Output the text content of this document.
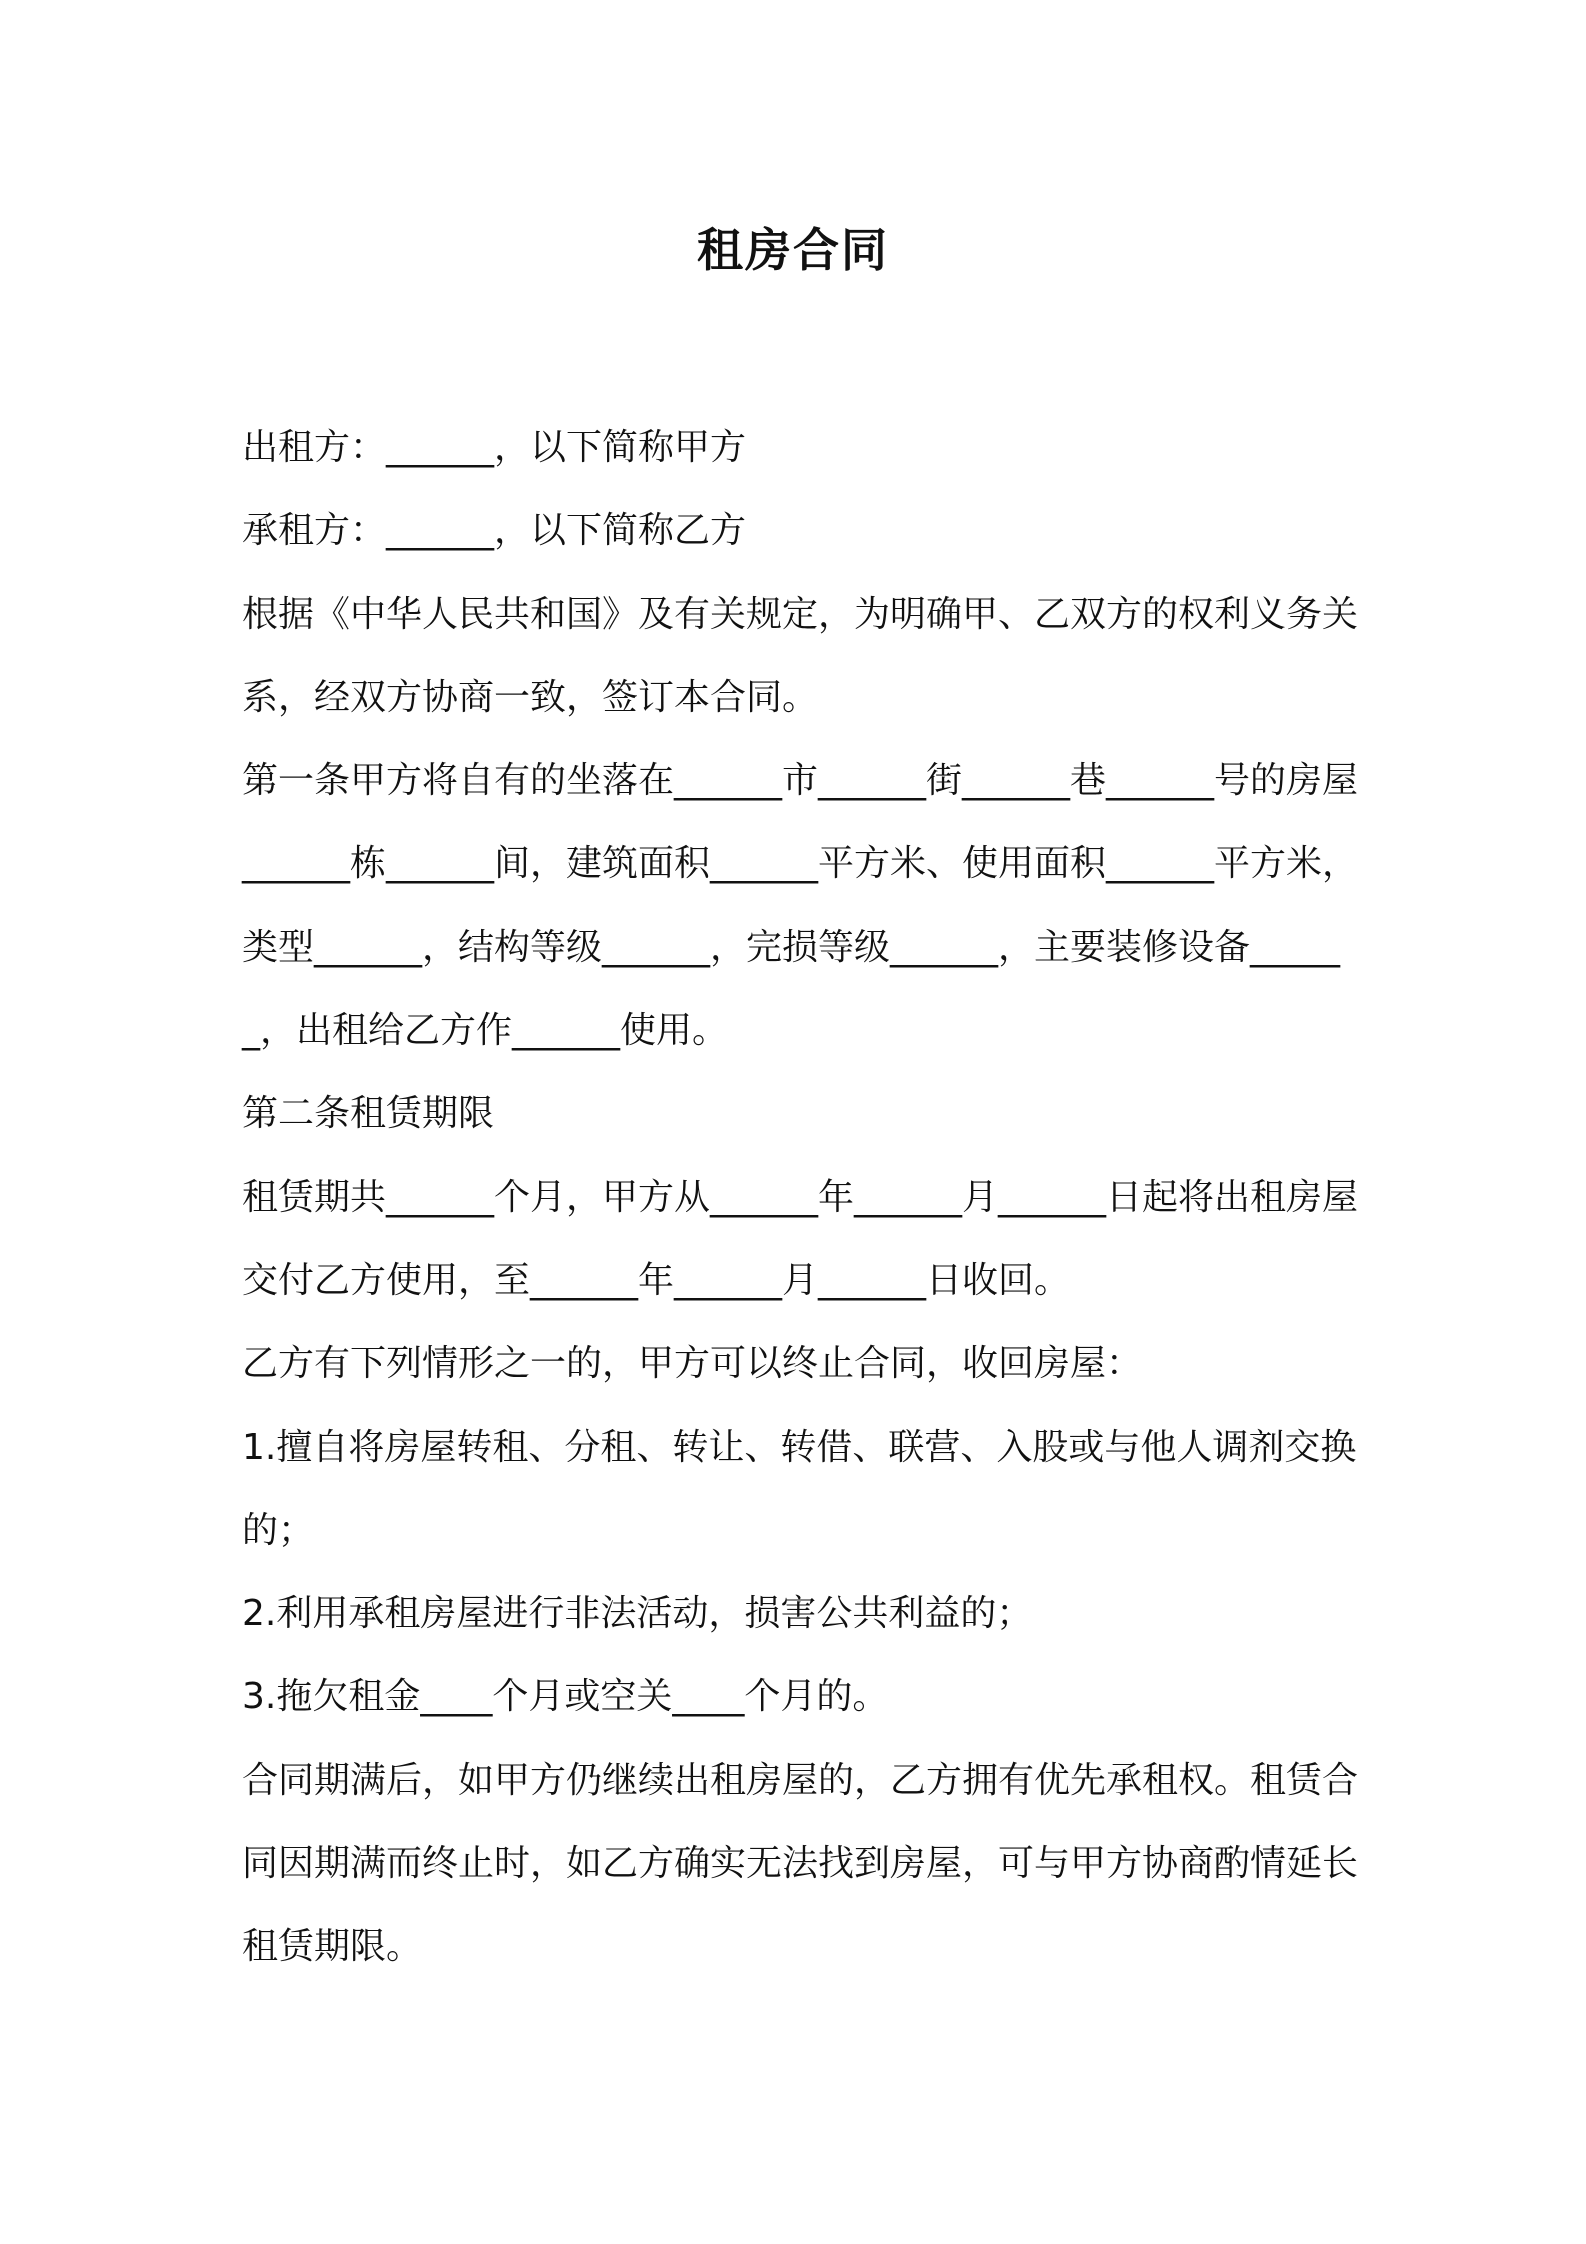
租房合同

出租方：______，以下简称甲方

承租方：______，以下简称乙方

根据《中华人民共和国》及有关规定，为明确甲、乙双方的权利义务关系，经双方协商一致，签订本合同。

第一条甲方将自有的坐落在______市______街______巷______号的房屋______栋______间，建筑面积______平方米、使用面积______平方米，类型______，结构等级______，完损等级______，主要装修设备______，出租给乙方作______使用。

第二条租赁期限

租赁期共______个月，甲方从______年______月______日起将出租房屋交付乙方使用，至______年______月______日收回。

乙方有下列情形之一的，甲方可以终止合同，收回房屋：

1.擅自将房屋转租、分租、转让、转借、联营、入股或与他人调剂交换的；

2.利用承租房屋进行非法活动，损害公共利益的；

3.拖欠租金____个月或空关____个月的。

合同期满后，如甲方仍继续出租房屋的，乙方拥有优先承租权。租赁合同因期满而终止时，如乙方确实无法找到房屋，可与甲方协商酌情延长租赁期限。
